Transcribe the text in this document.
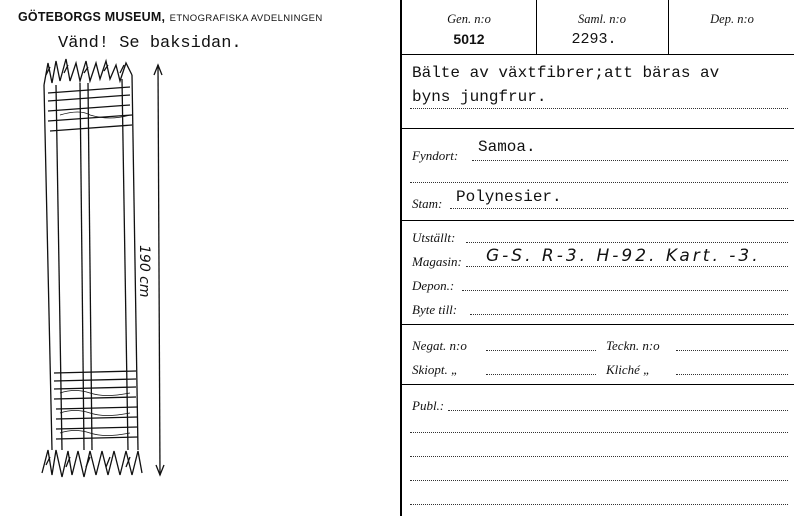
GÖTEBORGS MUSEUM, ETNOGRAFISKA AVDELNINGEN
Vänd! Se baksidan.
190 cm
Gen. n:o
5012
Saml. n:o
2293.
Dep. n:o
Bälte av växtfibrer;att bäras av
byns jungfrur.
Fyndort: Samoa.
Stam: Polynesier.
Utställt:
Magasin: G-S. R-3. H-92. Kart. -3.
Depon.:
Byte till:
Negat. n:o	Teckn. n:o
Skiopt. „	Kliché „
Publ.:
